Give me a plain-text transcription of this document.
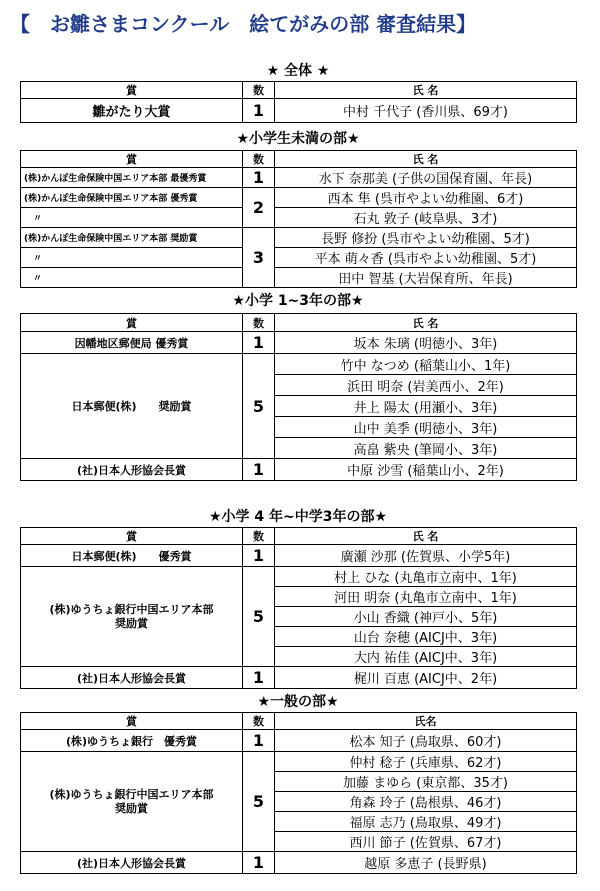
【　お雛さまコンクール　絵てがみの部 審査結果】
★ 全体 ★
賞	数	氏 名
雛がたり大賞	1	中村 千代子 (香川県、69才)
★小学生未満の部★
賞	数	氏 名
(株)かんぽ生命保険中国エリア本部 最優秀賞	1	水下 奈那美 (子供の国保育園、年長)
(株)かんぽ生命保険中国エリア本部 優秀賞	2	西本 隼 (呉市やよい幼稚園、6才)
〃		石丸 敦子 (岐阜県、3才)
(株)かんぽ生命保険中国エリア本部 奨励賞	3	長野 修扮 (呉市やよい幼稚園、5才)
〃		平本 萌々香 (呉市やよい幼稚園、5才)
〃		田中 智基 (大岩保育所、年長)
★小学 1~3年の部★
賞	数	氏 名
因幡地区郵便局 優秀賞	1	坂本 朱璃 (明徳小、3年)
日本郵便(株)　　奨励賞	5	竹中 なつめ (稲葉山小、1年)
		浜田 明奈 (岩美西小、2年)
		井上 陽太 (用瀬小、3年)
		山中 美季 (明徳小、3年)
		高畠 紫央 (筆岡小、3年)
(社)日本人形協会長賞	1	中原 沙雪 (稲葉山小、2年)
★小学 4 年~中学3年の部★
賞	数	氏 名
日本郵便(株)　　優秀賞	1	廣瀬 沙那 (佐賀県、小学5年)

(株)ゆうちょ銀行中国エリア本部
奨励賞	5	村上 ひな (丸亀市立南中、1年)
		河田 明奈 (丸亀市立南中、1年)
		小山 香織 (神戸小、5年)
		山台 奈穂 (AICJ中、3年)
		大内 祐佳 (AICJ中、3年)
(社)日本人形協会長賞	1	梶川 百恵 (AICJ中、2年)
★一般の部★
賞	数	氏名
(株)ゆうちょ銀行　優秀賞	1	松本 知子 (鳥取県、60才)

(株)ゆうちょ銀行中国エリア本部
奨励賞	5	仲村 稔子 (兵庫県、62才)
		加藤 まゆら (東京都、35才)
		角森 玲子 (島根県、46才)
		福原 志乃 (鳥取県、49才)
		西川 節子 (佐賀県、67才)
(社)日本人形協会長賞	1	越原 多恵子 (長野県)
